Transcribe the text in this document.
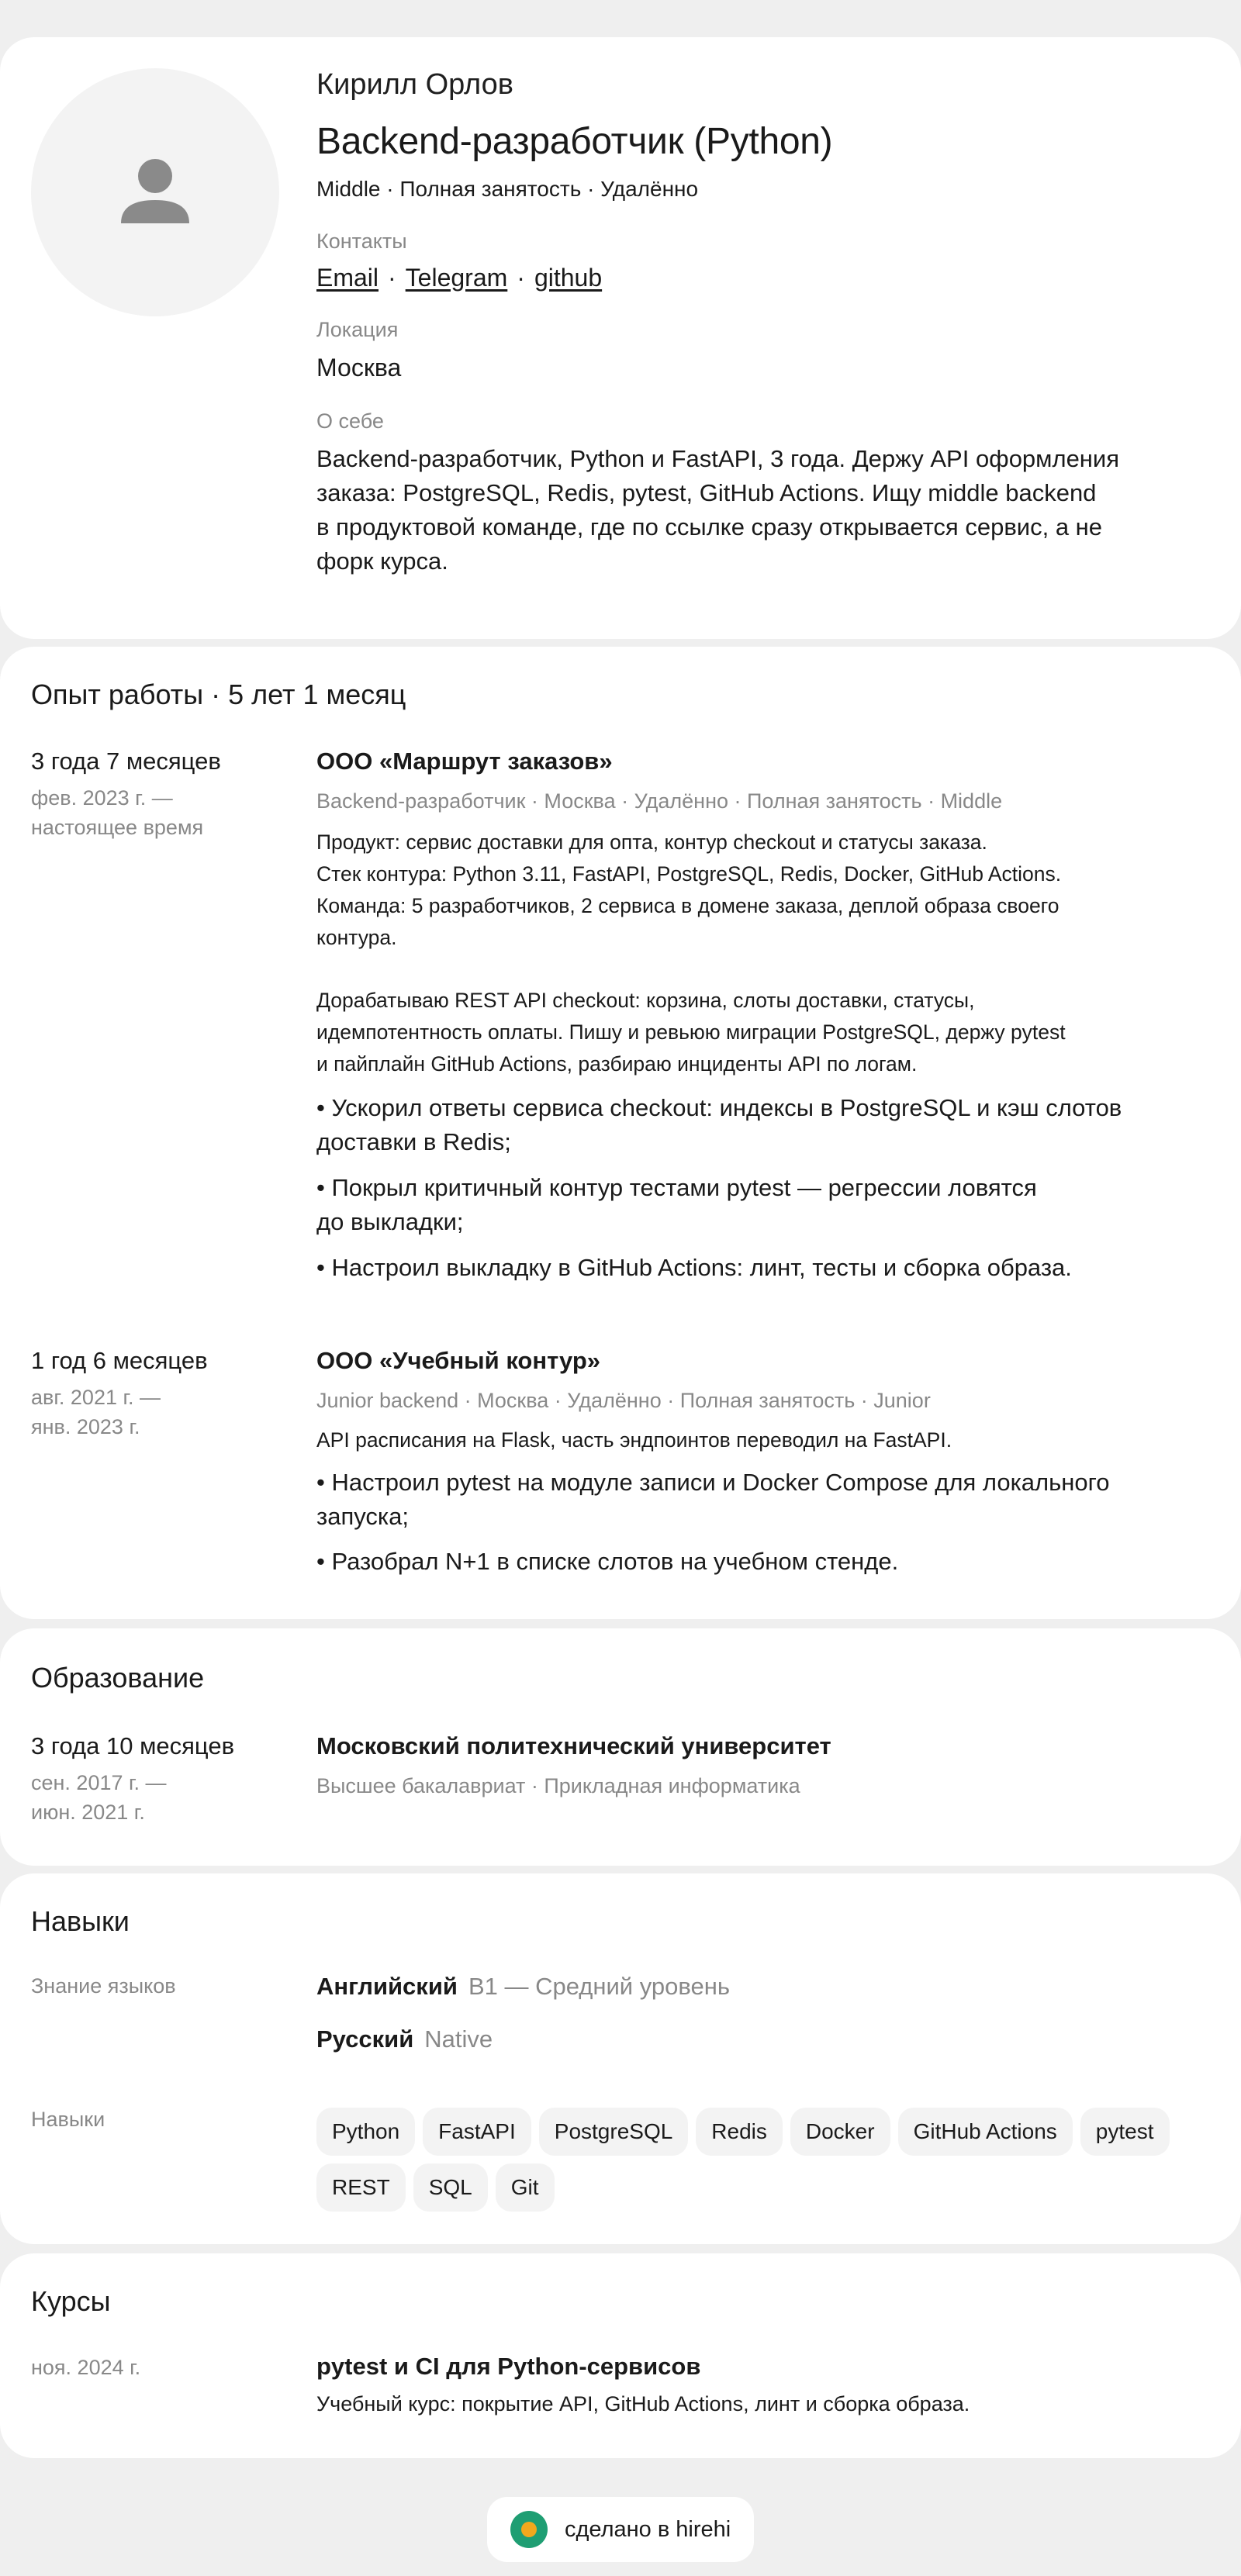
Кирилл Орлов
Backend-разработчик (Python)
Middle · Полная занятость · Удалённо
Контакты
Email · Telegram · github
Локация
Москва
О себе
Backend-разработчик, Python и FastAPI, 3 года. Держу API оформления
заказа: PostgreSQL, Redis, pytest, GitHub Actions. Ищу middle backend
в продуктовой команде, где по ссылке сразу открывается сервис, а не
форк курса.
Опыт работы · 5 лет 1 месяц
3 года 7 месяцев
фев. 2023 г. —
настоящее время
ООО «Маршрут заказов»
Backend-разработчик · Москва · Удалённо · Полная занятость · Middle
Продукт: сервис доставки для опта, контур checkout и статусы заказа.
Стек контура: Python 3.11, FastAPI, PostgreSQL, Redis, Docker, GitHub Actions.
Команда: 5 разработчиков, 2 сервиса в домене заказа, деплой образа своего
контура.
Дорабатываю REST API checkout: корзина, слоты доставки, статусы,
идемпотентность оплаты. Пишу и ревьюю миграции PostgreSQL, держу pytest
и пайплайн GitHub Actions, разбираю инциденты API по логам.
• Ускорил ответы сервиса checkout: индексы в PostgreSQL и кэш слотов
доставки в Redis;
• Покрыл критичный контур тестами pytest — регрессии ловятся
до выкладки;
• Настроил выкладку в GitHub Actions: линт, тесты и сборка образа.
1 год 6 месяцев
авг. 2021 г. —
янв. 2023 г.
ООО «Учебный контур»
Junior backend · Москва · Удалённо · Полная занятость · Junior
API расписания на Flask, часть эндпоинтов переводил на FastAPI.
• Настроил pytest на модуле записи и Docker Compose для локального
запуска;
• Разобрал N+1 в списке слотов на учебном стенде.
Образование
3 года 10 месяцев
сен. 2017 г. —
июн. 2021 г.
Московский политехнический университет
Высшее бакалавриат · Прикладная информатика
Навыки
Знание языков	Английский B1 — Средний уровень
Русский Native
Навыки	Python	FastAPI	PostgreSQL	Redis	Docker	GitHub Actions	pytest
REST	SQL	Git
Курсы
ноя. 2024 г.	pytest и CI для Python-сервисов
Учебный курс: покрытие API, GitHub Actions, линт и сборка образа.
сделано в hirehi
